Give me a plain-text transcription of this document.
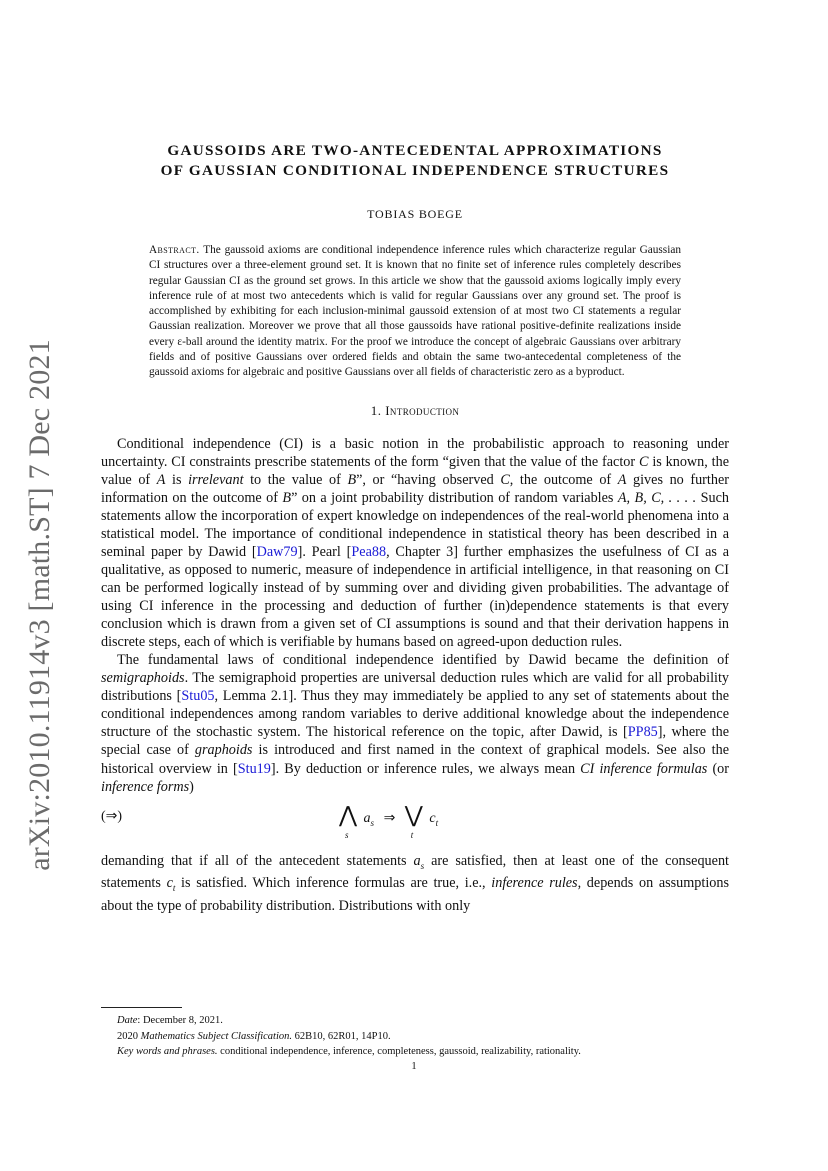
arXiv:2010.11914v3 [math.ST] 7 Dec 2021
GAUSSOIDS ARE TWO-ANTECEDENTAL APPROXIMATIONS
OF GAUSSIAN CONDITIONAL INDEPENDENCE STRUCTURES
TOBIAS BOEGE
Abstract. The gaussoid axioms are conditional independence inference rules which characterize regular Gaussian CI structures over a three-element ground set. It is known that no finite set of inference rules completely describes regular Gaussian CI as the ground set grows. In this article we show that the gaussoid axioms logically imply every inference rule of at most two antecedents which is valid for regular Gaussians over any ground set. The proof is accomplished by exhibiting for each inclusion-minimal gaussoid extension of at most two CI statements a regular Gaussian realization. Moreover we prove that all those gaussoids have rational positive-definite realizations inside every ε-ball around the identity matrix. For the proof we introduce the concept of algebraic Gaussians over arbitrary fields and of positive Gaussians over ordered fields and obtain the same two-antecedental completeness of the gaussoid axioms for algebraic and positive Gaussians over all fields of characteristic zero as a byproduct.
1. Introduction

Conditional independence (CI) is a basic notion in the probabilistic approach to reasoning under uncertainty. CI constraints prescribe statements of the form “given that the value of the factor C is known, the value of A is irrelevant to the value of B”, or “having observed C, the outcome of A gives no further information on the outcome of B” on a joint probability distribution of random variables A, B, C, . . . . Such statements allow the incorporation of expert knowledge on independences of the real-world phenomena into a statistical model. The importance of conditional independence in statistical theory has been described in a seminal paper by Dawid [Daw79]. Pearl [Pea88, Chapter 3] further emphasizes the usefulness of CI as a qualitative, as opposed to numeric, measure of independence in artificial intelligence, in that reasoning on CI can be performed logically instead of by summing over and dividing given probabilities. The advantage of using CI inference in the processing and deduction of further (in)dependence statements is that every conclusion which is drawn from a given set of CI assumptions is sound and that their derivation happens in discrete steps, each of which is verifiable by humans based on agreed-upon deduction rules.

The fundamental laws of conditional independence identified by Dawid became the definition of semigraphoids. The semigraphoid properties are universal deduction rules which are valid for all probability distributions [Stu05, Lemma 2.1]. Thus they may immediately be applied to any set of statements about the conditional independences among random variables to derive additional knowledge about the independence structure of the stochastic system. The historical reference on the topic, after Dawid, is [PP85], where the special case of graphoids is introduced and first named in the context of graphical models. See also the historical overview in [Stu19]. By deduction or inference rules, we always mean CI inference formulas (or inference forms)

(⇒)	⋀
s
$a_s$ ⇒ ⋁
t
$c_t$

demanding that if all of the antecedent statements $a_s$ are satisfied, then at least one of the consequent statements $c_t$ is satisfied. Which inference formulas are true, i.e., inference rules, depends on assumptions about the type of probability distribution. Distributions with only

Date: December 8, 2021.
2020 Mathematics Subject Classification. 62B10, 62R01, 14P10.
Key words and phrases. conditional independence, inference, completeness, gaussoid, realizability, rationality.
1
